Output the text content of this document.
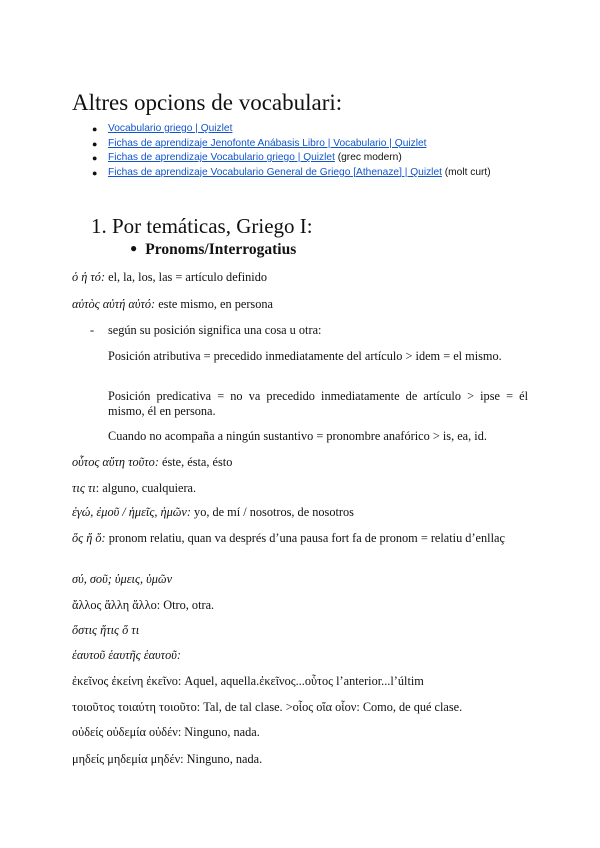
Altres opcions de vocabulari:
● Vocabulario griego | Quizlet
● Fichas de aprendizaje Jenofonte Anábasis Libro | Vocabulario | Quizlet
● Fichas de aprendizaje Vocabulario griego | Quizlet (grec modern)
● Fichas de aprendizaje Vocabulario General de Griego [Athenaze] | Quizlet (molt curt)
1. Por temáticas, Griego I:
● Pronoms/Interrogatius

ὁ ἡ τό: el, la, los, las = artículo definido

αὐτὸς αὐτή αὐτό: este mismo, en persona

- según su posición significa una cosa u otra:

Posición atributiva = precedido inmediatamente del artículo > idem = el mismo.

Posición predicativa = no va precedido inmediatamente de artículo > ipse = él mismo, él en persona.

Cuando no acompaña a ningún sustantivo = pronombre anafórico > is, ea, id.

οὗτος αὕτη τοῦτο: éste, ésta, ésto

τις τι: alguno, cualquiera.

ἐγώ, ἐμοῦ / ἡμεῖς, ἡμῶν: yo, de mí / nosotros, de nosotros

ὅς ἥ ὅ: pronom relatiu, quan va després d’una pausa fort fa de pronom = relatiu d’enllaç

σύ, σοῦ; ὑμεις, ὑμῶν

ἄλλος ἄλλη ἄλλο: Otro, otra.

ὅστις ἥτις ὅ τι

ἑαυτοῦ ἑαυτῆς ἑαυτοῦ:

ἐκεῖνος ἐκείνη ἐκεῖνο: Aquel, aquella.ἐκεῖνος...οὗτος l’anterior...l’últim

τοιοῦτος τοιαύτη τοιοῦτο: Tal, de tal clase. >οἷος οἵα οἷον: Como, de qué clase.

οὐδείς οὐδεμία οὐδέν: Ninguno, nada.

μηδείς μηδεμία μηδέν: Ninguno, nada.
